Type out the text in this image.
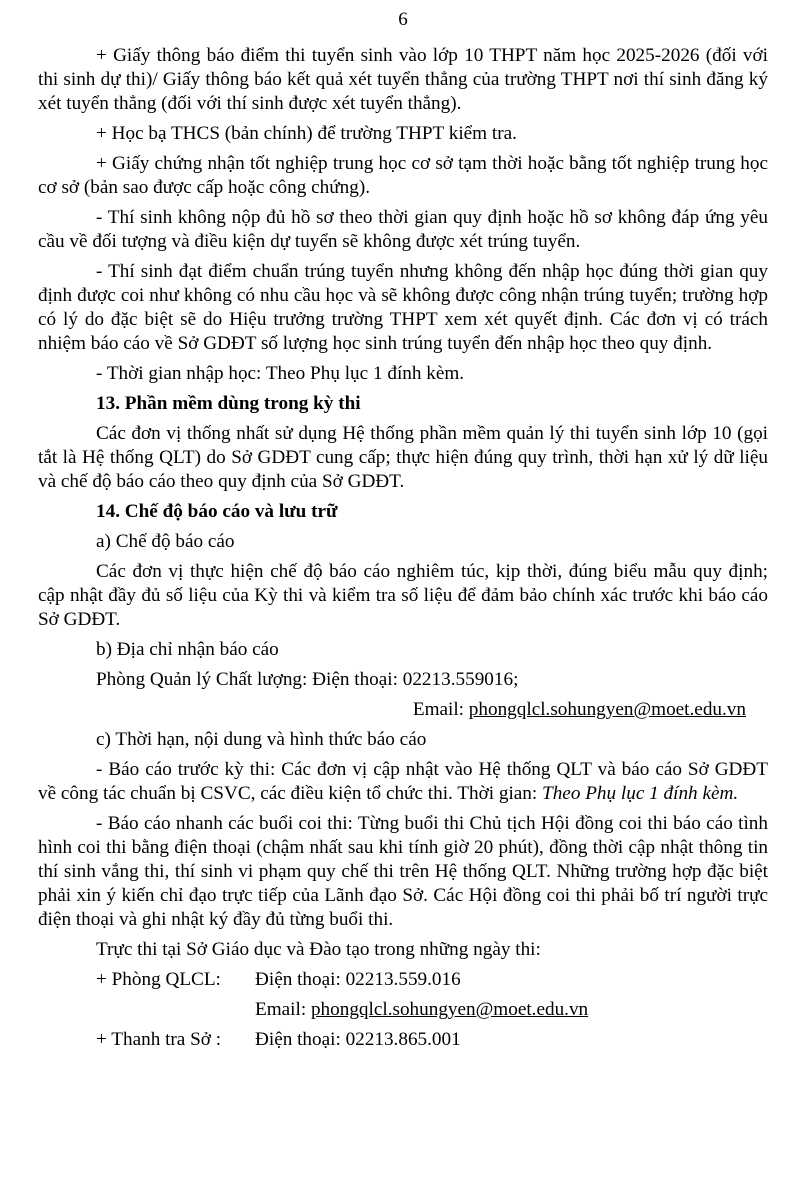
6

+ Giấy thông báo điểm thi tuyển sinh vào lớp 10 THPT năm học 2025-2026 (đối với thi sinh dự thi)/ Giấy thông báo kết quả xét tuyển thẳng của trường THPT nơi thí sinh đăng ký xét tuyển thẳng (đối với thí sinh được xét tuyển thẳng).

+ Học bạ THCS (bản chính) để trường THPT kiểm tra.

+ Giấy chứng nhận tốt nghiệp trung học cơ sở tạm thời hoặc bằng tốt nghiệp trung học cơ sở (bản sao được cấp hoặc công chứng).

- Thí sinh không nộp đủ hồ sơ theo thời gian quy định hoặc hồ sơ không đáp ứng yêu cầu về đối tượng và điều kiện dự tuyển sẽ không được xét trúng tuyển.

- Thí sinh đạt điểm chuẩn trúng tuyển nhưng không đến nhập học đúng thời gian quy định được coi như không có nhu cầu học và sẽ không được công nhận trúng tuyển; trường hợp có lý do đặc biệt sẽ do Hiệu trưởng trường THPT xem xét quyết định. Các đơn vị có trách nhiệm báo cáo về Sở GDĐT số lượng học sinh trúng tuyển đến nhập học theo quy định.

- Thời gian nhập học: Theo Phụ lục 1 đính kèm.

13. Phần mềm dùng trong kỳ thi

Các đơn vị thống nhất sử dụng Hệ thống phần mềm quản lý thi tuyển sinh lớp 10 (gọi tắt là Hệ thống QLT) do Sở GDĐT cung cấp; thực hiện đúng quy trình, thời hạn xử lý dữ liệu và chế độ báo cáo theo quy định của Sở GDĐT.

14. Chế độ báo cáo và lưu trữ

a) Chế độ báo cáo

Các đơn vị thực hiện chế độ báo cáo nghiêm túc, kịp thời, đúng biểu mẫu quy định; cập nhật đầy đủ số liệu của Kỳ thi và kiểm tra số liệu để đảm bảo chính xác trước khi báo cáo Sở GDĐT.

b) Địa chỉ nhận báo cáo

Phòng Quản lý Chất lượng: Điện thoại: 02213.559016;

Email: phongqlcl.sohungyen@moet.edu.vn

c) Thời hạn, nội dung và hình thức báo cáo

- Báo cáo trước kỳ thi: Các đơn vị cập nhật vào Hệ thống QLT và báo cáo Sở GDĐT về công tác chuẩn bị CSVC, các điều kiện tổ chức thi. Thời gian: Theo Phụ lục 1 đính kèm.

- Báo cáo nhanh các buổi coi thi: Từng buổi thi Chủ tịch Hội đồng coi thi báo cáo tình hình coi thi bằng điện thoại (chậm nhất sau khi tính giờ 20 phút), đồng thời cập nhật thông tin thí sinh vắng thi, thí sinh vi phạm quy chế thi trên Hệ thống QLT. Những trường hợp đặc biệt phải xin ý kiến chỉ đạo trực tiếp của Lãnh đạo Sở. Các Hội đồng coi thi phải bố trí người trực điện thoại và ghi nhật ký đầy đủ từng buổi thi.

Trực thi tại Sở Giáo dục và Đào tạo trong những ngày thi:

+ Phòng QLCL:	Điện thoại: 02213.559.016
Email: phongqlcl.sohungyen@moet.edu.vn
+ Thanh tra Sở :	Điện thoại: 02213.865.001
